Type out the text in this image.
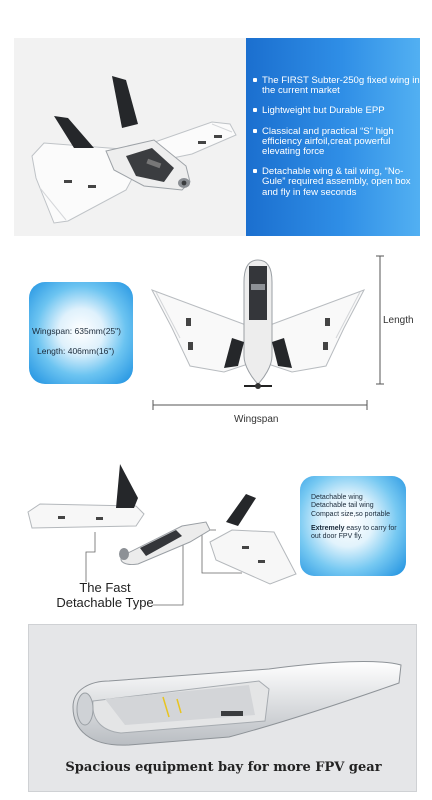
The FIRST Subter-250g fixed wing in the current market
Lightweight but Durable EPP
Classical and practical “S” high efficiency airfoil,creat powerful elevating force
Detachable wing & tail wing, “No-Gule” required assembly, open box and fly in few seconds
Wingspan: 635mm(25")
Length: 406mm(16")
Length
Wingspan
Detachable wing
Detachable tail wing
Compact size,so portable
Extremely easy to carry for out door FPV fly.
The Fast
Detachable Type
Spacious equipment bay for more FPV gear
